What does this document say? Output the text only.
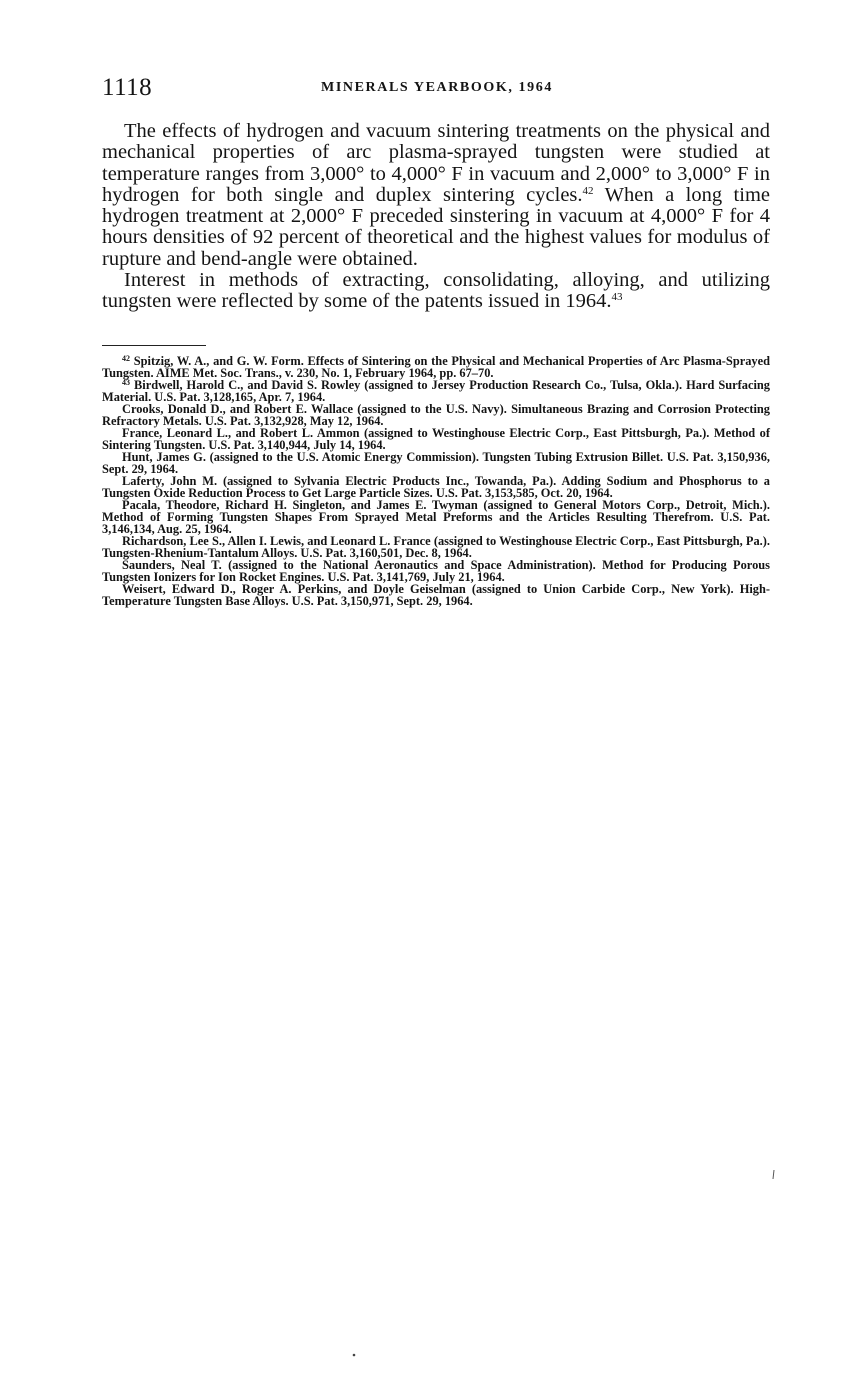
1118	MINERALS YEARBOOK, 1964

The effects of hydrogen and vacuum sintering treatments on the physical and mechanical properties of arc plasma-sprayed tungsten were studied at temperature ranges from 3,000° to 4,000° F in vacuum and 2,000° to 3,000° F in hydrogen for both single and duplex sintering cycles.$^{42}$ When a long time hydrogen treatment at 2,000° F preceded sinstering in vacuum at 4,000° F for 4 hours densities of 92 percent of theoretical and the highest values for modulus of rupture and bend-angle were obtained.

Interest in methods of extracting, consolidating, alloying, and utilizing tungsten were reflected by some of the patents issued in 1964.43

$^{42}$ Spitzig, W. A., and G. W. Form. Effects of Sintering on the Physical and Mechanical Properties of Arc Plasma-Sprayed Tungsten. AIME Met. Soc. Trans., v. 230, No. 1, February 1964, pp. 67–70.

$^{43}$ Birdwell, Harold C., and David S. Rowley (assigned to Jersey Production Research Co., Tulsa, Okla.). Hard Surfacing Material. U.S. Pat. 3,128,165, Apr. 7, 1964.

Crooks, Donald D., and Robert E. Wallace (assigned to the U.S. Navy). Simultaneous Brazing and Corrosion Protecting Refractory Metals. U.S. Pat. 3,132,928, May 12, 1964.

France, Leonard L., and Robert L. Ammon (assigned to Westinghouse Electric Corp., East Pittsburgh, Pa.). Method of Sintering Tungsten. U.S. Pat. 3,140,944, July 14, 1964.

Hunt, James G. (assigned to the U.S. Atomic Energy Commission). Tungsten Tubing Extrusion Billet. U.S. Pat. 3,150,936, Sept. 29, 1964.

Laferty, John M. (assigned to Sylvania Electric Products Inc., Towanda, Pa.). Adding Sodium and Phosphorus to a Tungsten Oxide Reduction Process to Get Large Particle Sizes. U.S. Pat. 3,153,585, Oct. 20, 1964.

Pacala, Theodore, Richard H. Singleton, and James E. Twyman (assigned to General Motors Corp., Detroit, Mich.). Method of Forming Tungsten Shapes From Sprayed Metal Preforms and the Articles Resulting Therefrom. U.S. Pat. 3,146,134, Aug. 25, 1964.

Richardson, Lee S., Allen I. Lewis, and Leonard L. France (assigned to Westinghouse Electric Corp., East Pittsburgh, Pa.). Tungsten-Rhenium-Tantalum Alloys. U.S. Pat. 3,160,501, Dec. 8, 1964.

Saunders, Neal T. (assigned to the National Aeronautics and Space Administration). Method for Producing Porous Tungsten Ionizers for Ion Rocket Engines. U.S. Pat. 3,141,769, July 21, 1964.

Weisert, Edward D., Roger A. Perkins, and Doyle Geiselman (assigned to Union Carbide Corp., New York). High-Temperature Tungsten Base Alloys. U.S. Pat. 3,150,971, Sept. 29, 1964.
